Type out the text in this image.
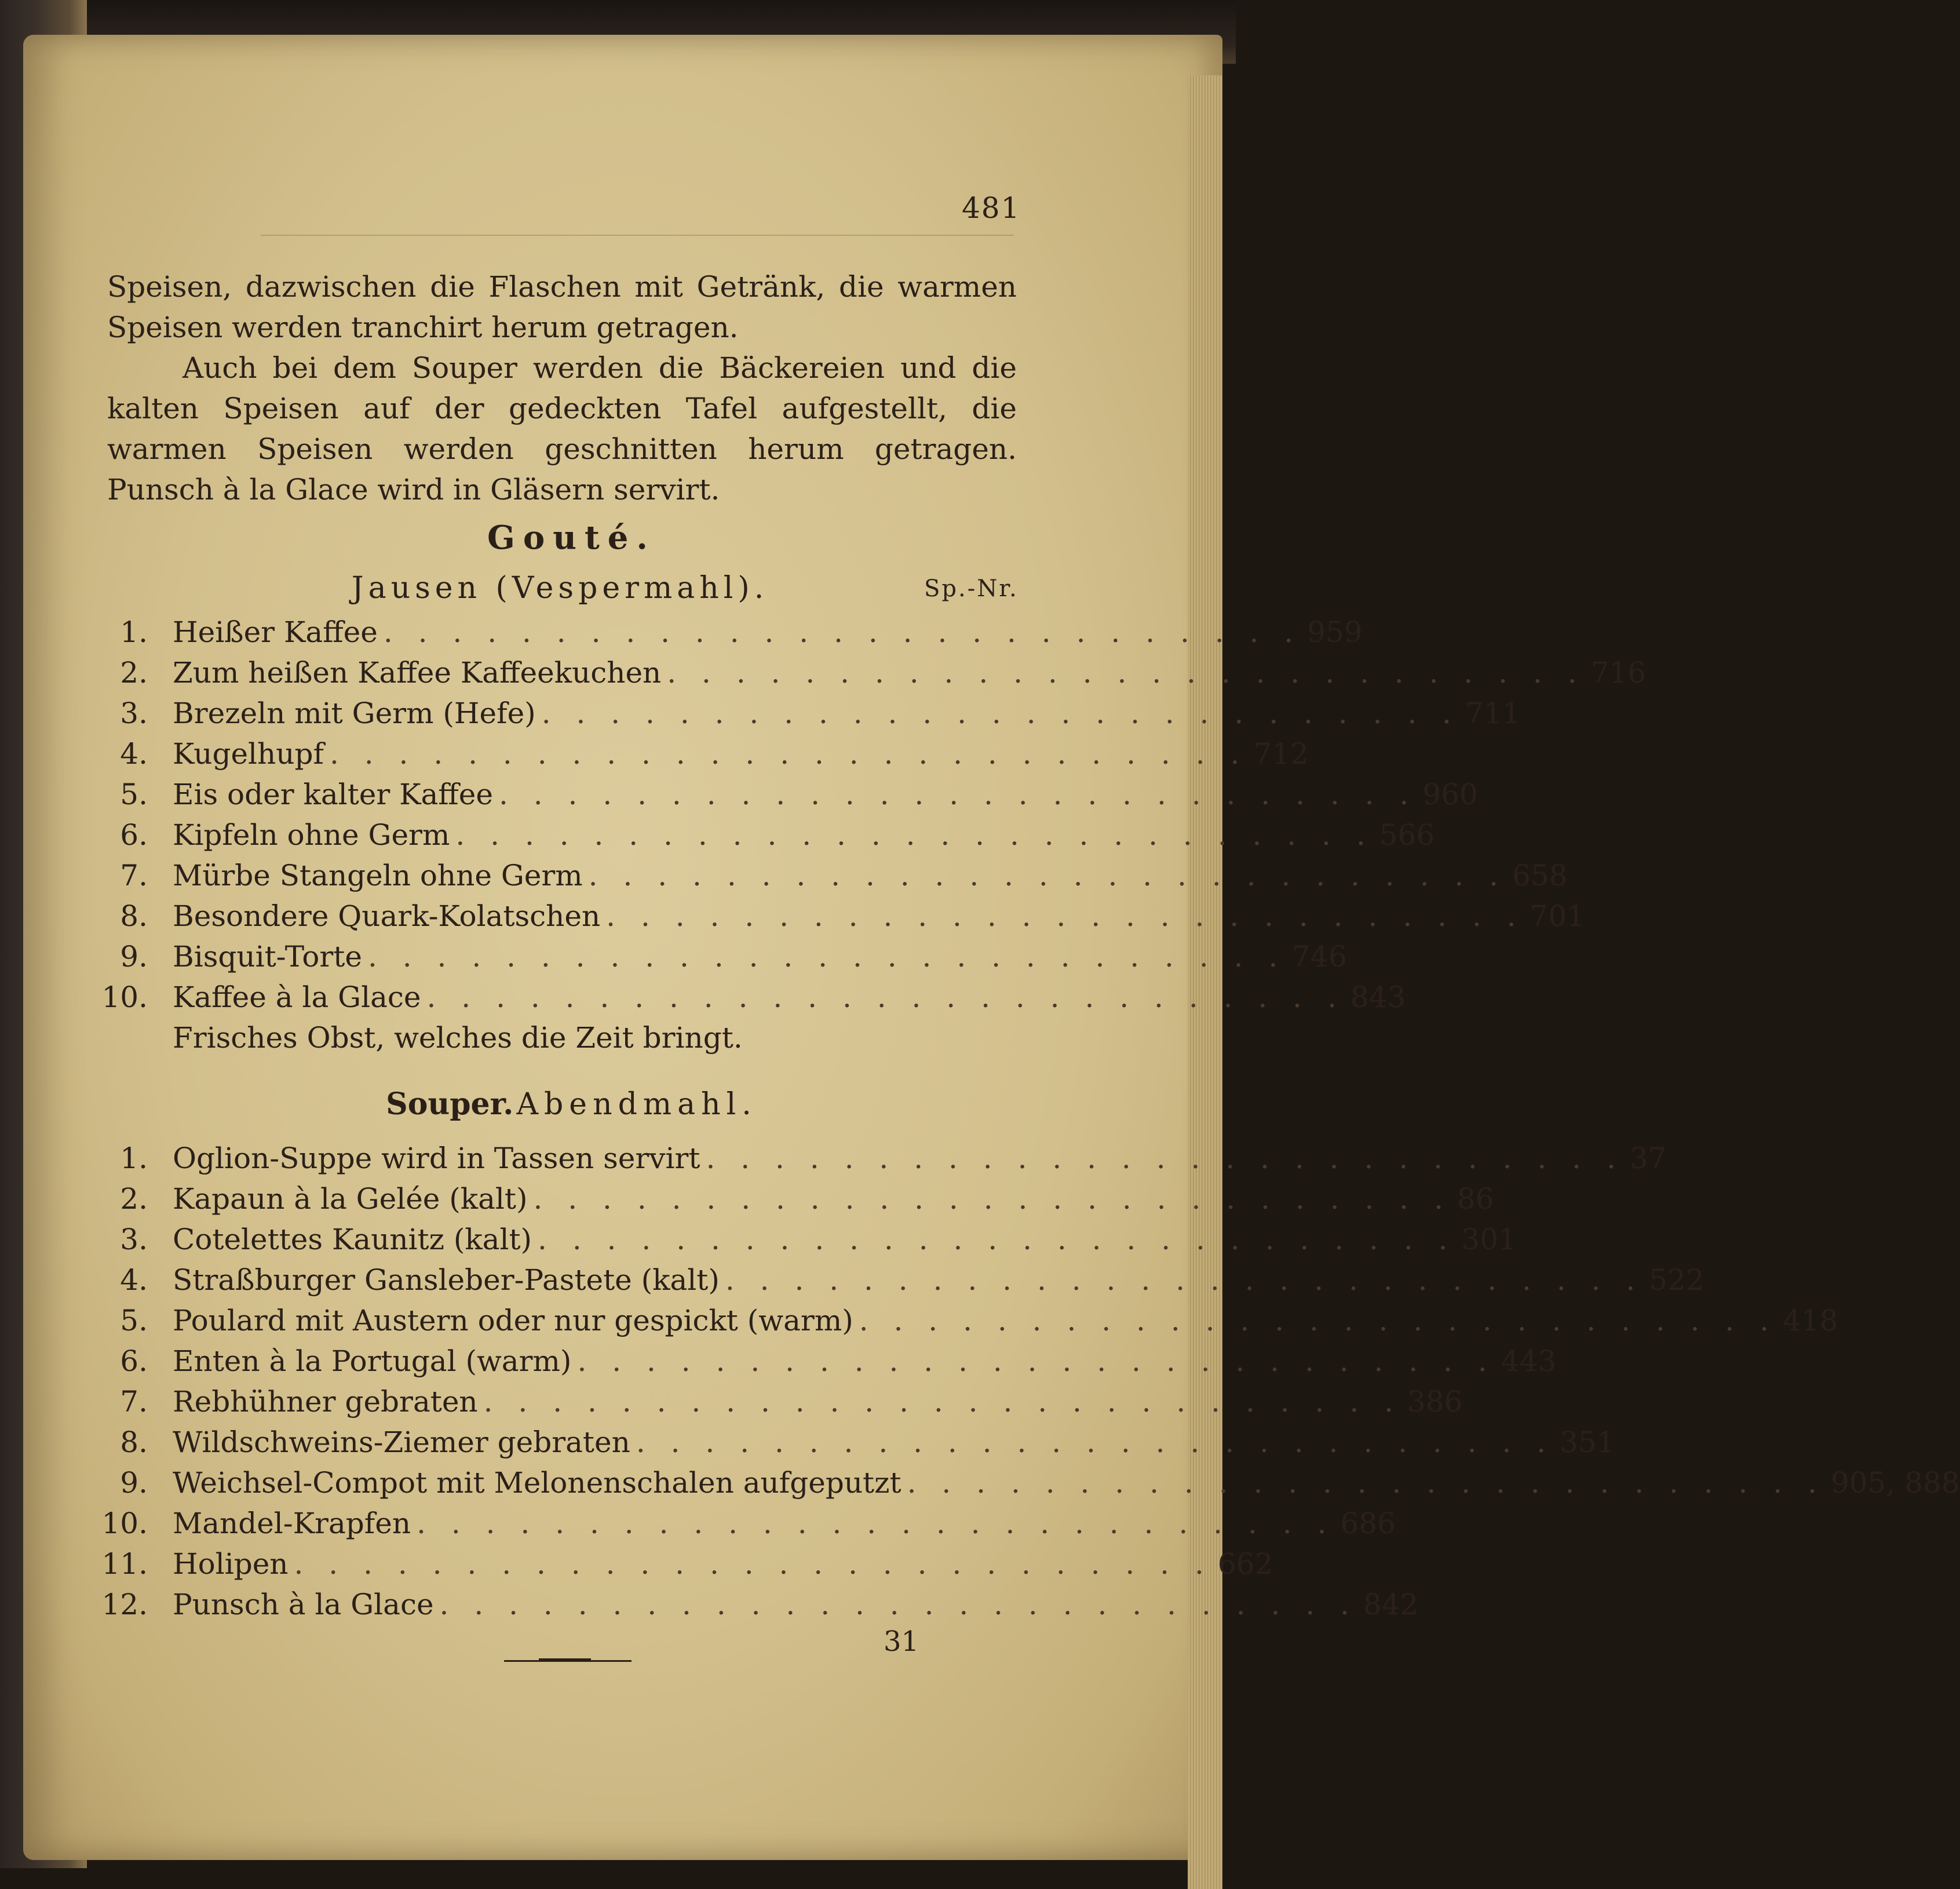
481
Speisen, dazwischen die Flaschen mit Getränk, die warmen Speisen werden tranchirt herum getragen.
Auch bei dem Souper werden die Bäckereien und die kalten Speisen auf der gedeckten Tafel aufgestellt, die warmen Speisen werden geschnitten herum getragen. Punsch à la Glace wird in Gläsern servirt.
Gouté.
Jausen (Vespermahl).	Sp.-Nr.
1. Heißer Kaffee . . . . . . . . . . . . . . . . . . . . . . . . . . . 959
2. Zum heißen Kaffee Kaffeekuchen . . . . . . . . . . . . . . . . . . . . . . . . . . . 716
3. Brezeln mit Germ (Hefe) . . . . . . . . . . . . . . . . . . . . . . . . . . . 711
4. Kugelhupf . . . . . . . . . . . . . . . . . . . . . . . . . . . 712
5. Eis oder kalter Kaffee . . . . . . . . . . . . . . . . . . . . . . . . . . . 960
6. Kipfeln ohne Germ . . . . . . . . . . . . . . . . . . . . . . . . . . . 566
7. Mürbe Stangeln ohne Germ . . . . . . . . . . . . . . . . . . . . . . . . . . . 658
8. Besondere Quark-Kolatschen . . . . . . . . . . . . . . . . . . . . . . . . . . . 701
9. Bisquit-Torte . . . . . . . . . . . . . . . . . . . . . . . . . . . 746
10. Kaffee à la Glace . . . . . . . . . . . . . . . . . . . . . . . . . . . 843
Frisches Obst, welches die Zeit bringt.
Souper. Abendmahl.
1. Oglion-Suppe wird in Tassen servirt . . . . . . . . . . . . . . . . . . . . . . . . . . . 37
2. Kapaun à la Gelée (kalt) . . . . . . . . . . . . . . . . . . . . . . . . . . . 86
3. Cotelettes Kaunitz (kalt) . . . . . . . . . . . . . . . . . . . . . . . . . . . 301
4. Straßburger Gansleber-Pastete (kalt) . . . . . . . . . . . . . . . . . . . . . . . . . . . 522
5. Poulard mit Austern oder nur gespickt (warm) . . . . . . . . . . . . . . . . . . . . . . . . . . . 418
6. Enten à la Portugal (warm) . . . . . . . . . . . . . . . . . . . . . . . . . . . 443
7. Rebhühner gebraten . . . . . . . . . . . . . . . . . . . . . . . . . . . 386
8. Wildschweins-Ziemer gebraten . . . . . . . . . . . . . . . . . . . . . . . . . . . 351
9. Weichsel-Compot mit Melonenschalen aufgeputzt . . . . . . . . . . . . . . . . . . . . . . . . . . . 905, 888
10. Mandel-Krapfen . . . . . . . . . . . . . . . . . . . . . . . . . . . 686
11. Holipen . . . . . . . . . . . . . . . . . . . . . . . . . . . 662
12. Punsch à la Glace . . . . . . . . . . . . . . . . . . . . . . . . . . . 842
31
